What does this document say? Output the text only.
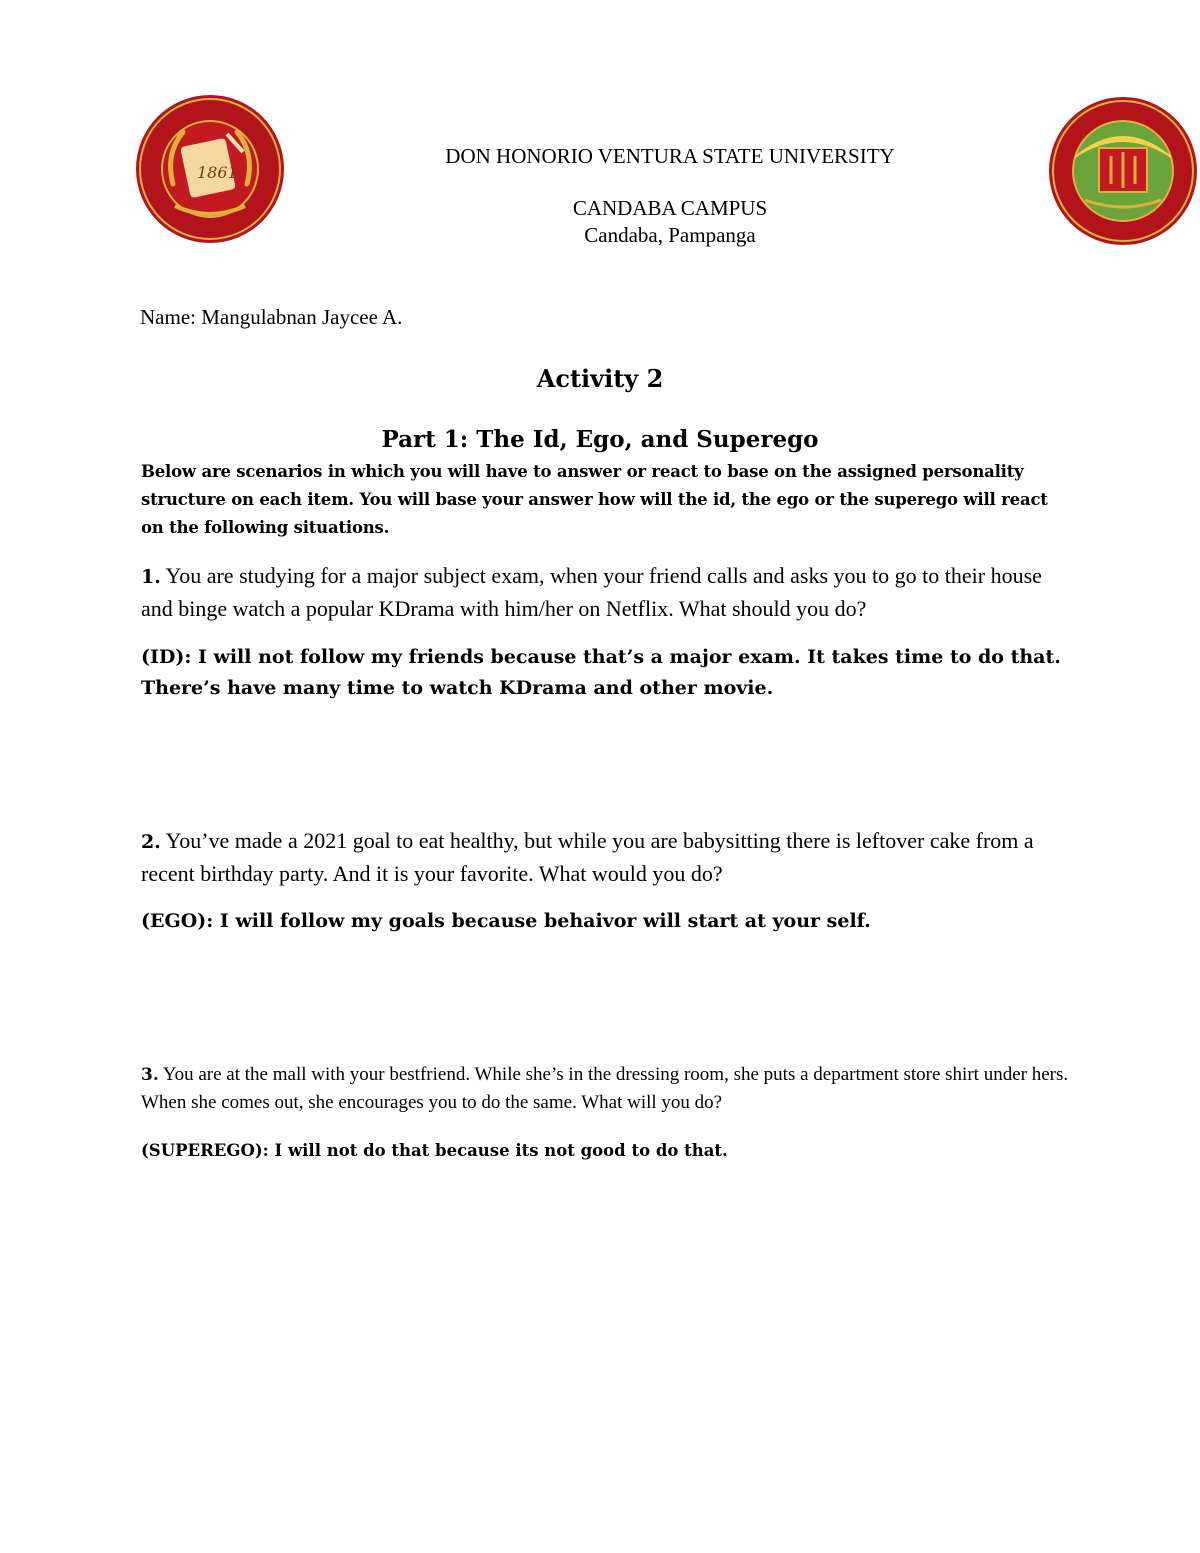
1861
DON HONORIO VENTURA STATE UNIVERSITY
CANDABA CAMPUS
Candaba, Pampanga
Name: Mangulabnan Jaycee A.
Activity 2
Part 1: The Id, Ego, and Superego
Below are scenarios in which you will have to answer or react to base on the assigned personality structure on each item. You will base your answer how will the id, the ego or the superego will react on the following situations.
1. You are studying for a major subject exam, when your friend calls and asks you to go to their house and binge watch a popular KDrama with him/her on Netflix. What should you do?
(ID): I will not follow my friends because that’s a major exam. It takes time to do that. There’s have many time to watch KDrama and other movie.
2. You’ve made a 2021 goal to eat healthy, but while you are babysitting there is leftover cake from a recent birthday party. And it is your favorite. What would you do?
(EGO): I will follow my goals because behaivor will start at your self.
3. You are at the mall with your bestfriend. While she’s in the dressing room, she puts a department store shirt under hers. When she comes out, she encourages you to do the same. What will you do?
(SUPEREGO): I will not do that because its not good to do that.
